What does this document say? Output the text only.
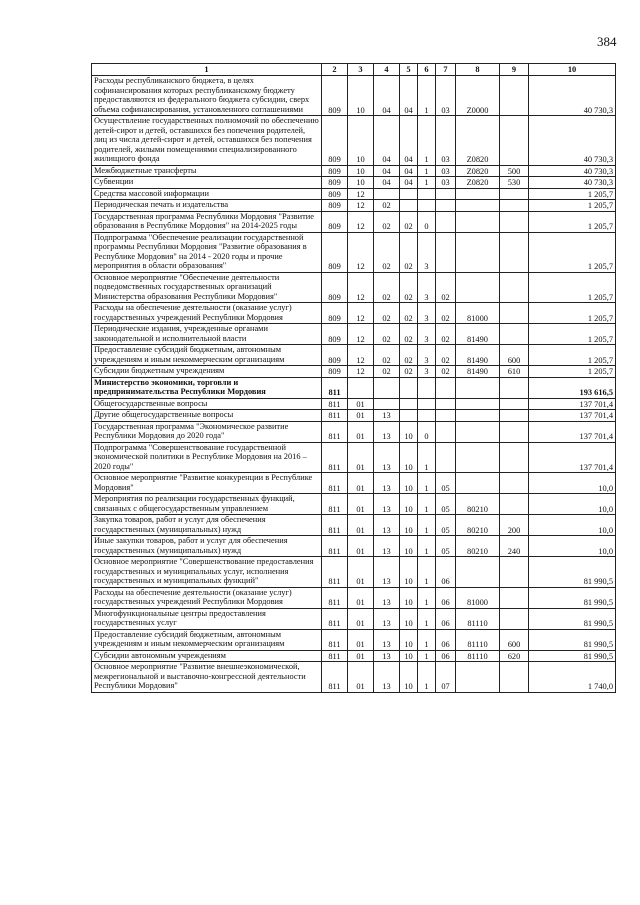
384
1	2	3	4	5	6	7	8	9	10
Расходы республиканского бюджета, в целях софинансирования которых республиканскому бюджету предоставляются из федерального бюджета субсидии, сверх объема софинансирования, установленного соглашениями	809	10	04	04	1	03	Z0000		40 730,3
Осуществление государственных полномочий по обеспечению детей-сирот и детей, оставшихся без попечения родителей, лиц из числа детей-сирот и детей, оставшихся без попечения родителей, жилыми помещениями специализированного жилищного фонда	809	10	04	04	1	03	Z0820		40 730,3
Межбюджетные трансферты	809	10	04	04	1	03	Z0820	500	40 730,3
Субвенции	809	10	04	04	1	03	Z0820	530	40 730,3
Средства массовой информации	809	12							1 205,7
Периодическая печать и издательства	809	12	02						1 205,7
Государственная программа Республики Мордовия "Развитие образования в Республике Мордовия" на 2014-2025 годы	809	12	02	02	0				1 205,7
Подпрограмма "Обеспечение реализации государственной программы Республики Мордовия "Развитие образования в Республике Мордовия" на 2014 - 2020 годы и прочие мероприятия в области образования"	809	12	02	02	3				1 205,7
Основное мероприятие "Обеспечение деятельности подведомственных государственных организаций Министерства образования Республики Мордовия"	809	12	02	02	3	02			1 205,7
Расходы на обеспечение деятельности (оказание услуг) государственных учреждений Республики Мордовия	809	12	02	02	3	02	81000		1 205,7
Периодические издания, учрежденные органами законодательной и исполнительной власти	809	12	02	02	3	02	81490		1 205,7
Предоставление субсидий бюджетным, автономным учреждениям и иным некоммерческим организациям	809	12	02	02	3	02	81490	600	1 205,7
Субсидии бюджетным учреждениям	809	12	02	02	3	02	81490	610	1 205,7
Министерство экономики, торговли и предпринимательства Республики Мордовия	811								193 616,5
Общегосударственные вопросы	811	01							137 701,4
Другие общегосударственные вопросы	811	01	13						137 701,4
Государственная программа "Экономическое развитие Республики Мордовия до 2020 года"	811	01	13	10	0				137 701,4
Подпрограмма "Совершенствование государственной экономической политики в Республике Мордовия на 2016 – 2020 годы"	811	01	13	10	1				137 701,4
Основное мероприятие "Развитие конкуренции в Республике Мордовия"	811	01	13	10	1	05			10,0
Мероприятия по реализации государственных функций, связанных с общегосударственным управлением	811	01	13	10	1	05	80210		10,0
Закупка товаров, работ и услуг для обеспечения государственных (муниципальных) нужд	811	01	13	10	1	05	80210	200	10,0
Иные закупки товаров, работ и услуг для обеспечения государственных (муниципальных) нужд	811	01	13	10	1	05	80210	240	10,0
Основное мероприятие "Совершенствование предоставления государственных и муниципальных услуг, исполнения государственных и муниципальных функций"	811	01	13	10	1	06			81 990,5
Расходы на обеспечение деятельности (оказание услуг) государственных учреждений Республики Мордовия	811	01	13	10	1	06	81000		81 990,5
Многофункциональные центры предоставления государственных услуг	811	01	13	10	1	06	81110		81 990,5
Предоставление субсидий бюджетным, автономным учреждениям и иным некоммерческим организациям	811	01	13	10	1	06	81110	600	81 990,5
Субсидии автономным учреждениям	811	01	13	10	1	06	81110	620	81 990,5
Основное мероприятие "Развитие внешнеэкономической, межрегиональной и выставочно-конгрессной деятельности Республики Мордовия"	811	01	13	10	1	07			1 740,0
